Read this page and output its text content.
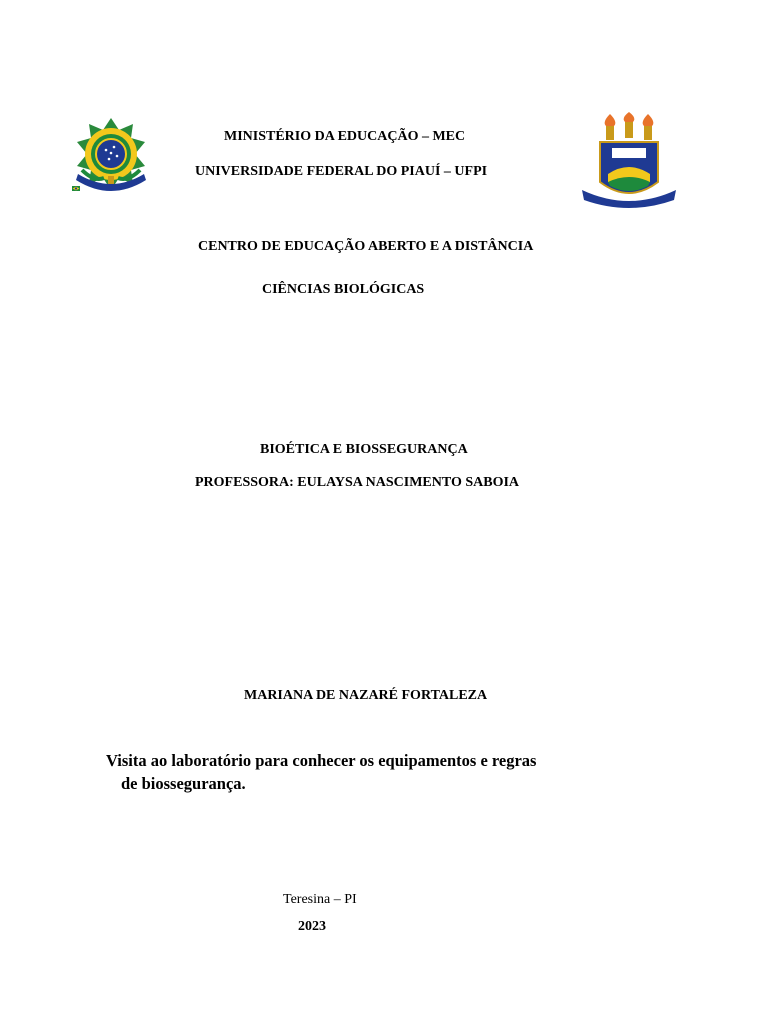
MINISTÉRIO DA EDUCAÇÃO – MEC
UNIVERSIDADE FEDERAL DO PIAUÍ – UFPI
CENTRO DE EDUCAÇÃO ABERTO E A DISTÂNCIA
CIÊNCIAS BIOLÓGICAS
BIOÉTICA E BIOSSEGURANÇA
PROFESSORA: EULAYSA NASCIMENTO SABOIA
MARIANA DE NAZARÉ FORTALEZA
Visita ao laboratório para conhecer os equipamentos e regras
de biossegurança.
Teresina – PI
2023
